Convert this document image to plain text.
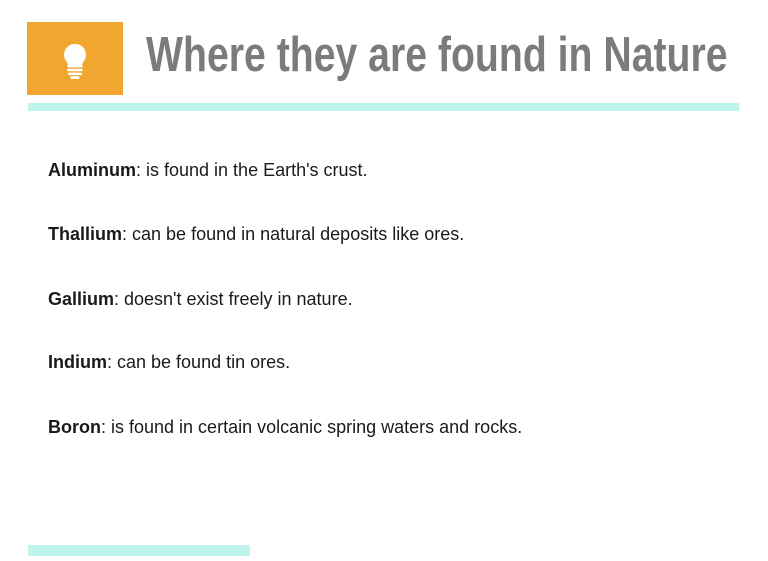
Where they are found in Nature

Aluminum: is found in the Earth's crust.

Thallium: can be found in natural deposits like ores.

Gallium: doesn't exist freely in nature.

Indium: can be found tin ores.

Boron: is found in certain volcanic spring waters and rocks.
